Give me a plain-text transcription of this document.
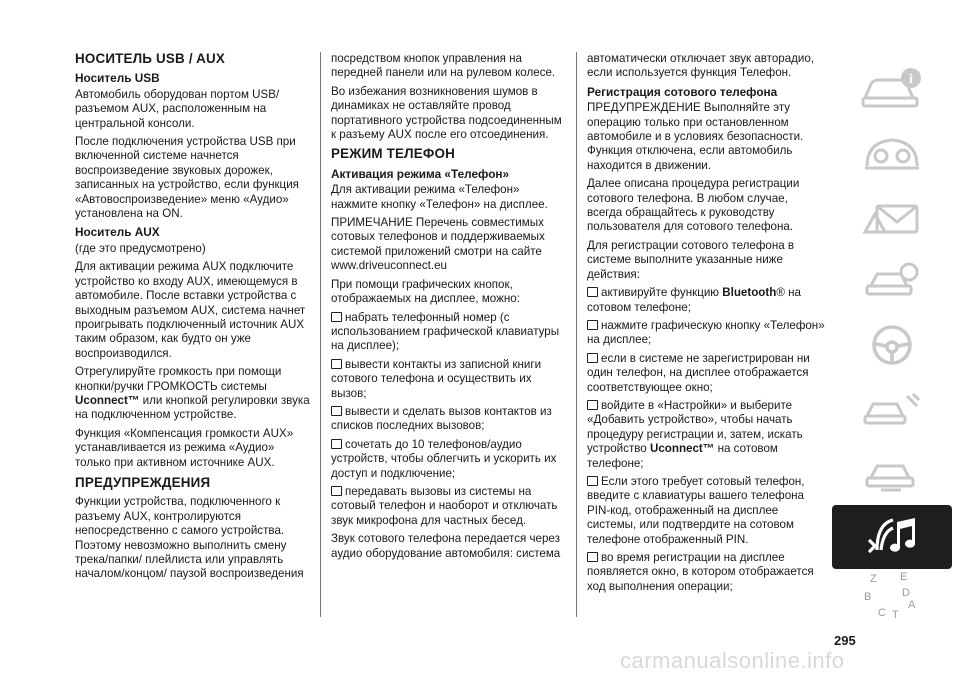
НОСИТЕЛЬ USB / AUX
Носитель USB

Автомобиль оборудован портом USB/разъемом AUX, расположенным на центральной консоли.

После подключения устройства USB при включенной системе начнется воспроизведение звуковых дорожек, записанных на устройство, если функция «Автовоспроизведение» меню «Аудио» установлена на ON.

Носитель AUX

(где это предусмотрено)

Для активации режима AUX подключите устройство ко входу AUX, имеющемуся в автомобиле. После вставки устройства с выходным разъемом AUX, система начнет проигрывать подключенный источник AUX таким образом, как будто он уже воспроизводился.

Отрегулируйте громкость при помощи кнопки/ручки ГРОМКОСТЬ системы Uconnect™ или кнопкой регулировки звука на подключенном устройстве.

Функция «Компенсация громкости AUX» устанавливается из режима «Аудио» только при активном источнике AUX.

ПРЕДУПРЕЖДЕНИЯ

Функции устройства, подключенного к разъему AUX, контролируются непосредственно с самого устройства. Поэтому невозможно выполнить смену трека/папки/ плейлиста или управлять началом/концом/ паузой воспроизведения

посредством кнопок управления на передней панели или на рулевом колесе.

Во избежания возникновения шумов в динамиках не оставляйте провод портативного устройства подсоединенным к разъему AUX после его отсоединения.

РЕЖИМ ТЕЛЕФОН
Активация режима «Телефон»

Для активации режима «Телефон» нажмите кнопку «Телефон» на дисплее.

ПРИМЕЧАНИЕ Перечень совместимых сотовых телефонов и поддерживаемых системой приложений смотри на сайте www.driveuconnect.eu

При помощи графических кнопок, отображаемых на дисплее, можно:

набрать телефонный номер (с использованием графической клавиатуры на дисплее);

вывести контакты из записной книги сотового телефона и осуществить их вызов;

вывести и сделать вызов контактов из списков последних вызовов;

сочетать до 10 телефонов/аудио устройств, чтобы облегчить и ускорить их доступ и подключение;

передавать вызовы из системы на сотовый телефон и наоборот и отключать звук микрофона для частных бесед.

Звук сотового телефона передается через аудио оборудование автомобиля: система

автоматически отключает звук авторадио, если используется функция Телефон.

Регистрация сотового телефона

ПРЕДУПРЕЖДЕНИЕ Выполняйте эту операцию только при остановленном автомобиле и в условиях безопасности. Функция отключена, если автомобиль находится в движении.

Далее описана процедура регистрации сотового телефона. В любом случае, всегда обращайтесь к руководству пользователя для сотового телефона.

Для регистрации сотового телефона в системе выполните указанные ниже действия:

активируйте функцию Bluetooth® на сотовом телефоне;

нажмите графическую кнопку «Телефон» на дисплее;

если в системе не зарегистрирован ни один телефон, на дисплее отображается соответствующее окно;

войдите в «Настройки» и выберите «Добавить устройство», чтобы начать процедуру регистрации и, затем, искать устройство Uconnect™ на сотовом телефоне;

Если этого требует сотовый телефон, введите с клавиатуры вашего телефона PIN-код, отображенный на дисплее системы, или подтвердите на сотовом телефоне отображенный PIN.

во время регистрации на дисплее появляется окно, в котором отображается ход выполнения операции;

i
Z E
B	D
A
C T
295
carmanualsonline.info
